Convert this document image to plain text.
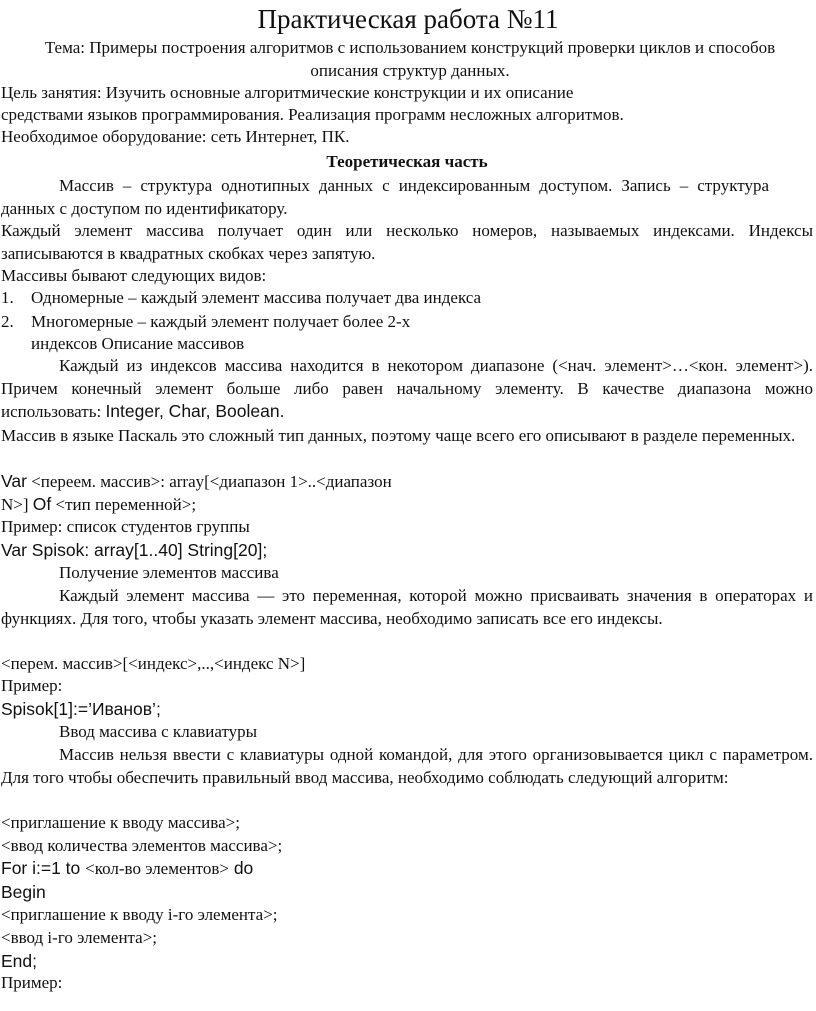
Практическая работа №11
Тема: Примеры построения алгоритмов с использованием конструкций проверки циклов и способов описания структур данных.
Цель занятия: Изучить основные алгоритмические конструкции и их описание
средствами языков программирования. Реализация программ несложных алгоритмов.
Необходимое оборудование: сеть Интернет, ПК.
Теоретическая часть
Массив – структура однотипных данных с индексированным доступом. Запись – структура данных с доступом по идентификатору.
Каждый элемент массива получает один или несколько номеров, называемых индексами. Индексы записываются в квадратных скобках через запятую.
Массивы бывают следующих видов:
1. Одномерные – каждый элемент массива получает два индекса
2. Многомерные – каждый элемент получает более 2-х
индексов Описание массивов
Каждый из индексов массива находится в некотором диапазоне (<нач. элемент>…<кон. элемент>). Причем конечный элемент больше либо равен начальному элементу. В качестве диапазона можно использовать: Integer, Char, Boolean.
Массив в языке Паскаль это сложный тип данных, поэтому чаще всего его описывают в разделе переменных.
Var <переем. массив>: array[<диапазон 1>..<диапазон
N>] Of <тип переменной>;
Пример: список студентов группы
Var Spisok: array[1..40] String[20];
Получение элементов массива
Каждый элемент массива — это переменная, которой можно присваивать значения в операторах и функциях. Для того, чтобы указать элемент массива, необходимо записать все его индексы.
<перем. массив>[<индекс>,..,<индекс N>]
Пример:
Spisok[1]:=’Иванов’;
Ввод массива с клавиатуры
Массив нельзя ввести с клавиатуры одной командой, для этого организовывается цикл с параметром. Для того чтобы обеспечить правильный ввод массива, необходимо соблюдать следующий алгоритм:
<приглашение к вводу массива>;
<ввод количества элементов массива>;
For i:=1 to <кол-во элементов> do
Begin
<приглашение к вводу i-го элемента>;
<ввод i-го элемента>;
End;
Пример:
